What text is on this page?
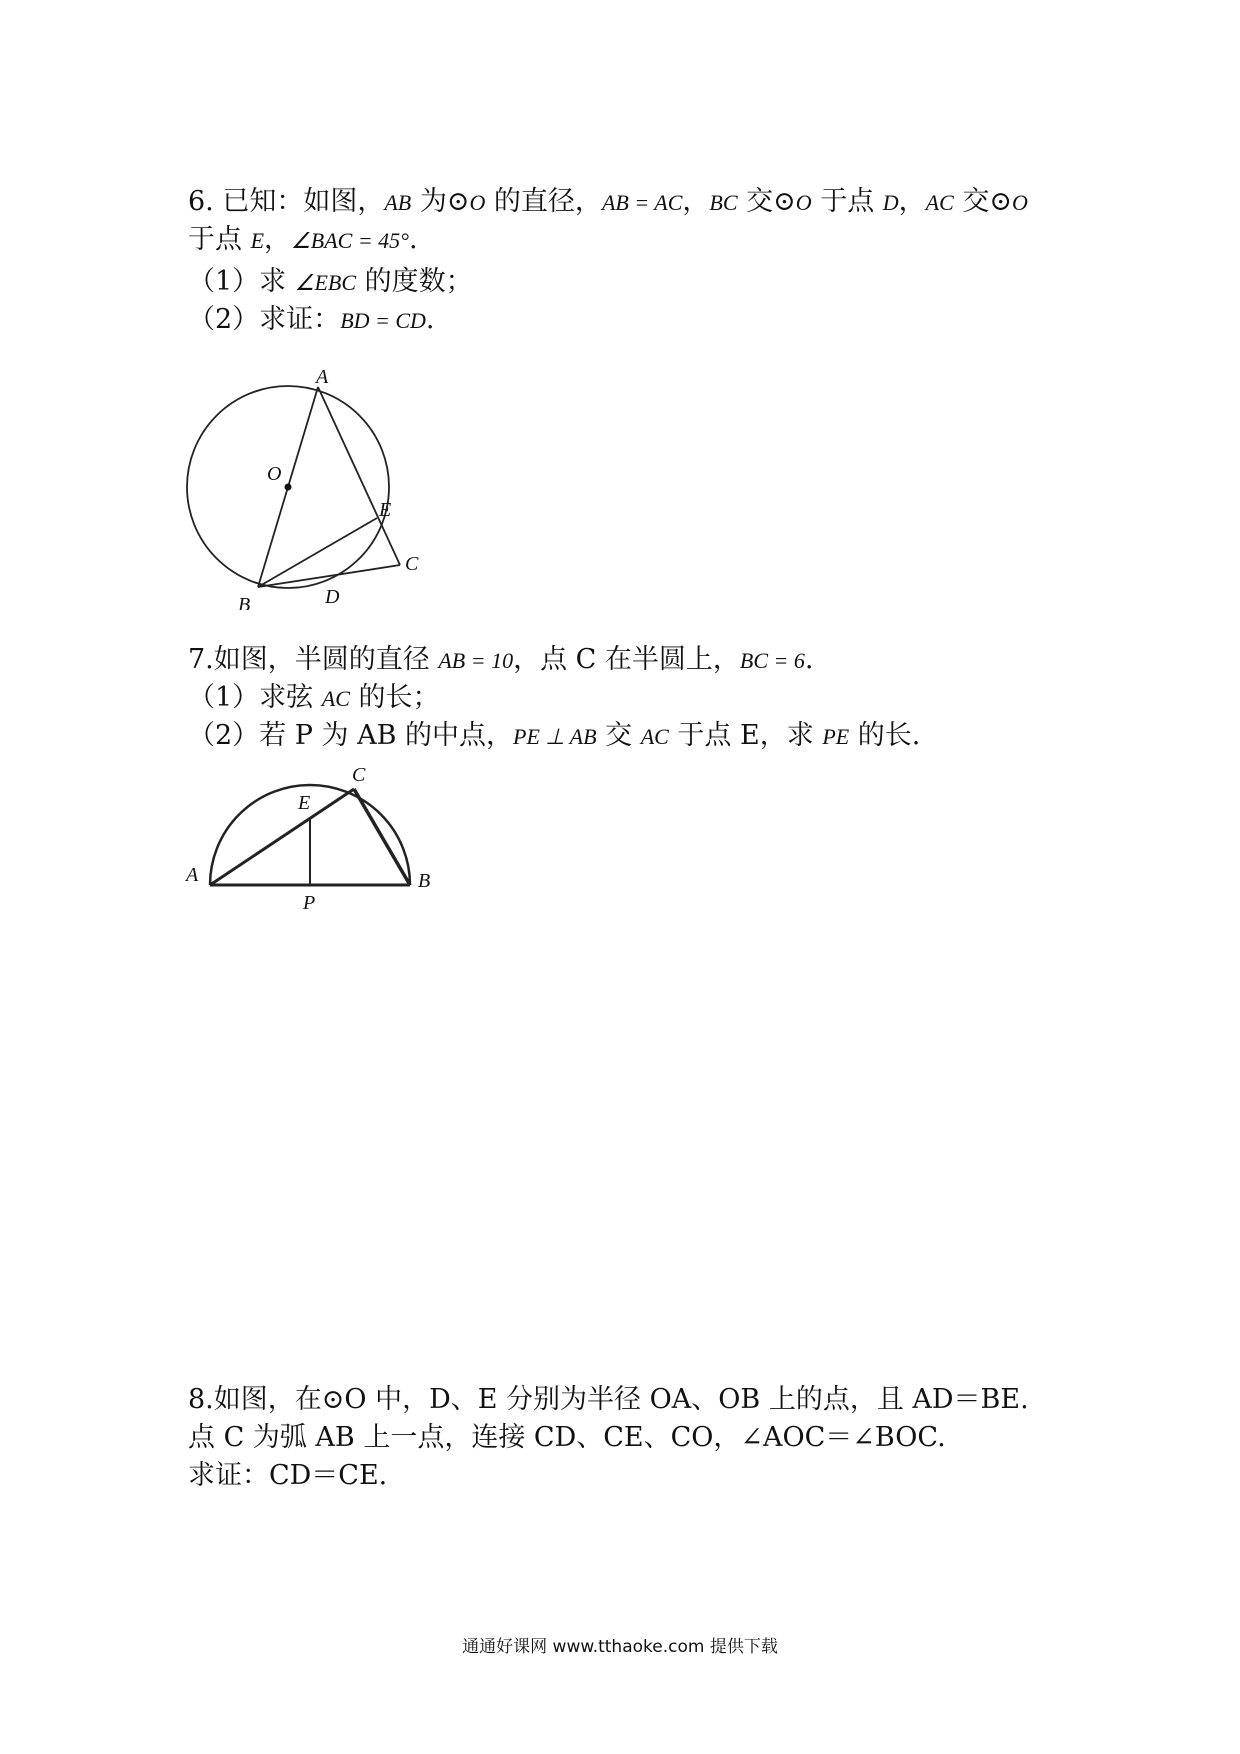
6. 已知：如图，AB 为⊙O 的直径，AB = AC，BC 交⊙O 于点 D，AC 交⊙O
于点 E，∠BAC = 45°.
（1）求 ∠EBC 的度数；
（2）求证：BD = CD.
A
O
E
B	D
C
7.如图，半圆的直径 AB = 10，点 C 在半圆上，BC = 6.
（1）求弦 AC 的长；
（2）若 P 为 AB 的中点，PE ⊥ AB 交 AC 于点 E，求 PE 的长.
A	B
C
E
P
8.如图，在⊙O 中，D、E 分别为半径 OA、OB 上的点，且 AD＝BE.
点 C 为弧 AB 上一点，连接 CD、CE、CO，∠AOC＝∠BOC.
求证：CD＝CE.
通通好课网 www.tthaoke.com 提供下载
